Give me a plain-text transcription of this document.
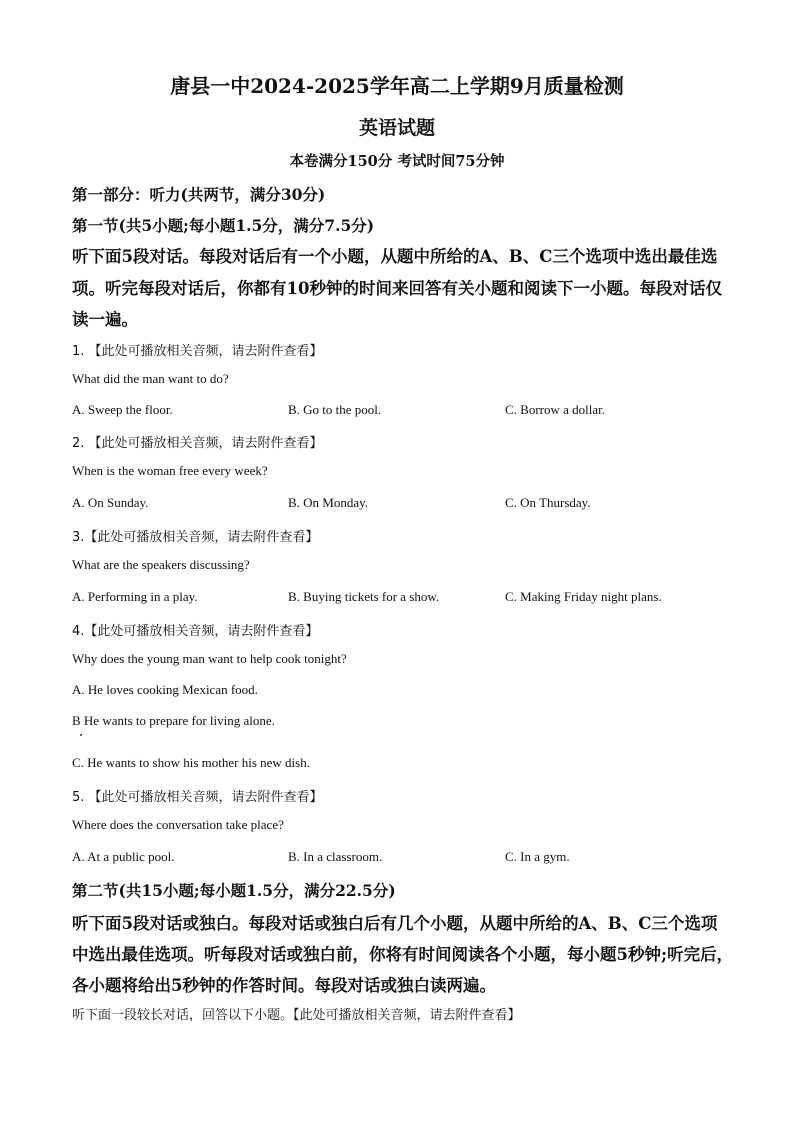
唐县一中2024-2025学年高二上学期9月质量检测
英语试题
本卷满分150分 考试时间75分钟
第一部分：听力(共两节，满分30分)
第一节(共5小题;每小题1.5分，满分7.5分)
听下面5段对话。每段对话后有一个小题，从题中所给的A、B、C三个选项中选出最佳选
项。听完每段对话后，你都有10秒钟的时间来回答有关小题和阅读下一小题。每段对话仅
读一遍。
1. 【此处可播放相关音频，请去附件查看】
What did the man want to do?
A. Sweep the floor.	B. Go to the pool.	C. Borrow a dollar.
2. 【此处可播放相关音频，请去附件查看】
When is the woman free every week?
A. On Sunday.	B. On Monday.	C. On Thursday.
3.【此处可播放相关音频，请去附件查看】
What are the speakers discussing?
A. Performing in a play.	B. Buying tickets for a show.	C. Making Friday night plans.
4.【此处可播放相关音频，请去附件查看】
Why does the young man want to help cook tonight?
A. He loves cooking Mexican food.
B He wants to prepare for living alone.
C. He wants to show his mother his new dish.
5. 【此处可播放相关音频，请去附件查看】
Where does the conversation take place?
A. At a public pool.	B. In a classroom.	C. In a gym.
第二节(共15小题;每小题1.5分，满分22.5分)
听下面5段对话或独白。每段对话或独白后有几个小题，从题中所给的A、B、C三个选项
中选出最佳选项。听每段对话或独白前，你将有时间阅读各个小题，每小题5秒钟;听完后，
各小题将给出5秒钟的作答时间。每段对话或独白读两遍。
听下面一段较长对话，回答以下小题。【此处可播放相关音频，请去附件查看】
